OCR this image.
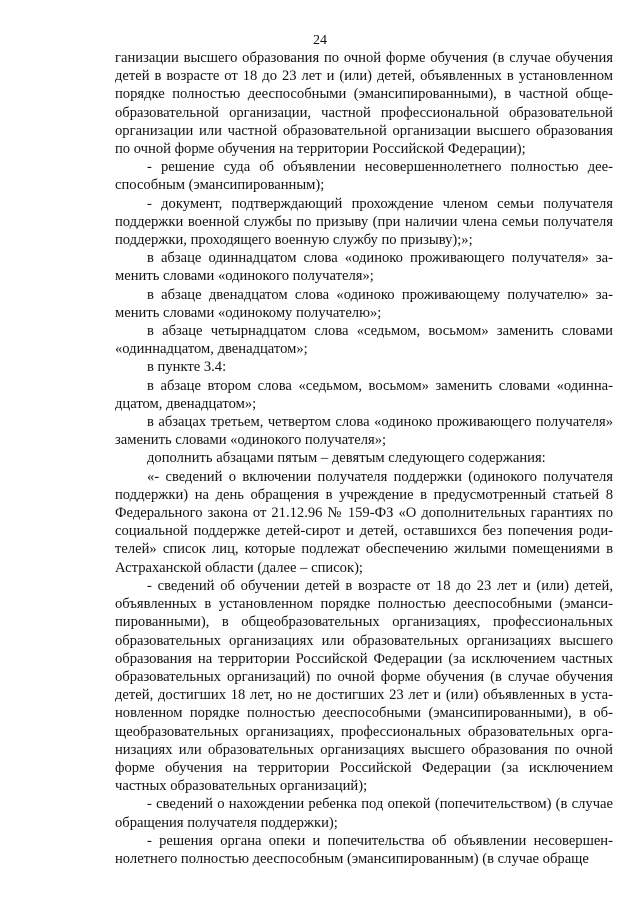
24

ганизации высшего образования по очной форме обучения (в случае обучения детей в возрасте от 18 до 23 лет и (или) детей, объявленных в установленном порядке полностью дееспособными (эмансипированными), в частной общеобразовательной организации, частной профессиональной образовательной организации или частной образовательной организации высшего образования по очной форме обучения на территории Российской Федерации);

- решение суда об объявлении несовершеннолетнего полностью дееспособным (эмансипированным);

- документ, подтверждающий прохождение членом семьи получателя поддержки военной службы по призыву (при наличии члена семьи получателя поддержки, проходящего военную службу по призыву);»;

в абзаце одиннадцатом слова «одиноко проживающего получателя» заменить словами «одинокого получателя»;

в абзаце двенадцатом слова «одиноко проживающему получателю» заменить словами «одинокому получателю»;

в абзаце четырнадцатом слова «седьмом, восьмом» заменить словами «одиннадцатом, двенадцатом»;

в пункте 3.4:

в абзаце втором слова «седьмом, восьмом» заменить словами «одиннадцатом, двенадцатом»;

в абзацах третьем, четвертом слова «одиноко проживающего получателя» заменить словами «одинокого получателя»;

дополнить абзацами пятым – девятым следующего содержания:

«- сведений о включении получателя поддержки (одинокого получателя поддержки) на день обращения в учреждение в предусмотренный статьей 8 Федерального закона от 21.12.96 № 159-ФЗ «О дополнительных гарантиях по социальной поддержке детей-сирот и детей, оставшихся без попечения родителей» список лиц, которые подлежат обеспечению жилыми помещениями в Астраханской области (далее – список);

- сведений об обучении детей в возрасте от 18 до 23 лет и (или) детей, объявленных в установленном порядке полностью дееспособными (эмансипированными), в общеобразовательных организациях, профессиональных образовательных организациях или образовательных организациях высшего образования на территории Российской Федерации (за исключением частных образовательных организаций) по очной форме обучения (в случае обучения детей, достигших 18 лет, но не достигших 23 лет и (или) объявленных в установленном порядке полностью дееспособными (эмансипированными), в общеобразовательных организациях, профессиональных образовательных организациях или образовательных организациях высшего образования по очной форме обучения на территории Российской Федерации (за исключением частных образовательных организаций);

- сведений о нахождении ребенка под опекой (попечительством) (в случае обращения получателя поддержки);

- решения органа опеки и попечительства об объявлении несовершеннолетнего полностью дееспособным (эмансипированным) (в случае обраще
